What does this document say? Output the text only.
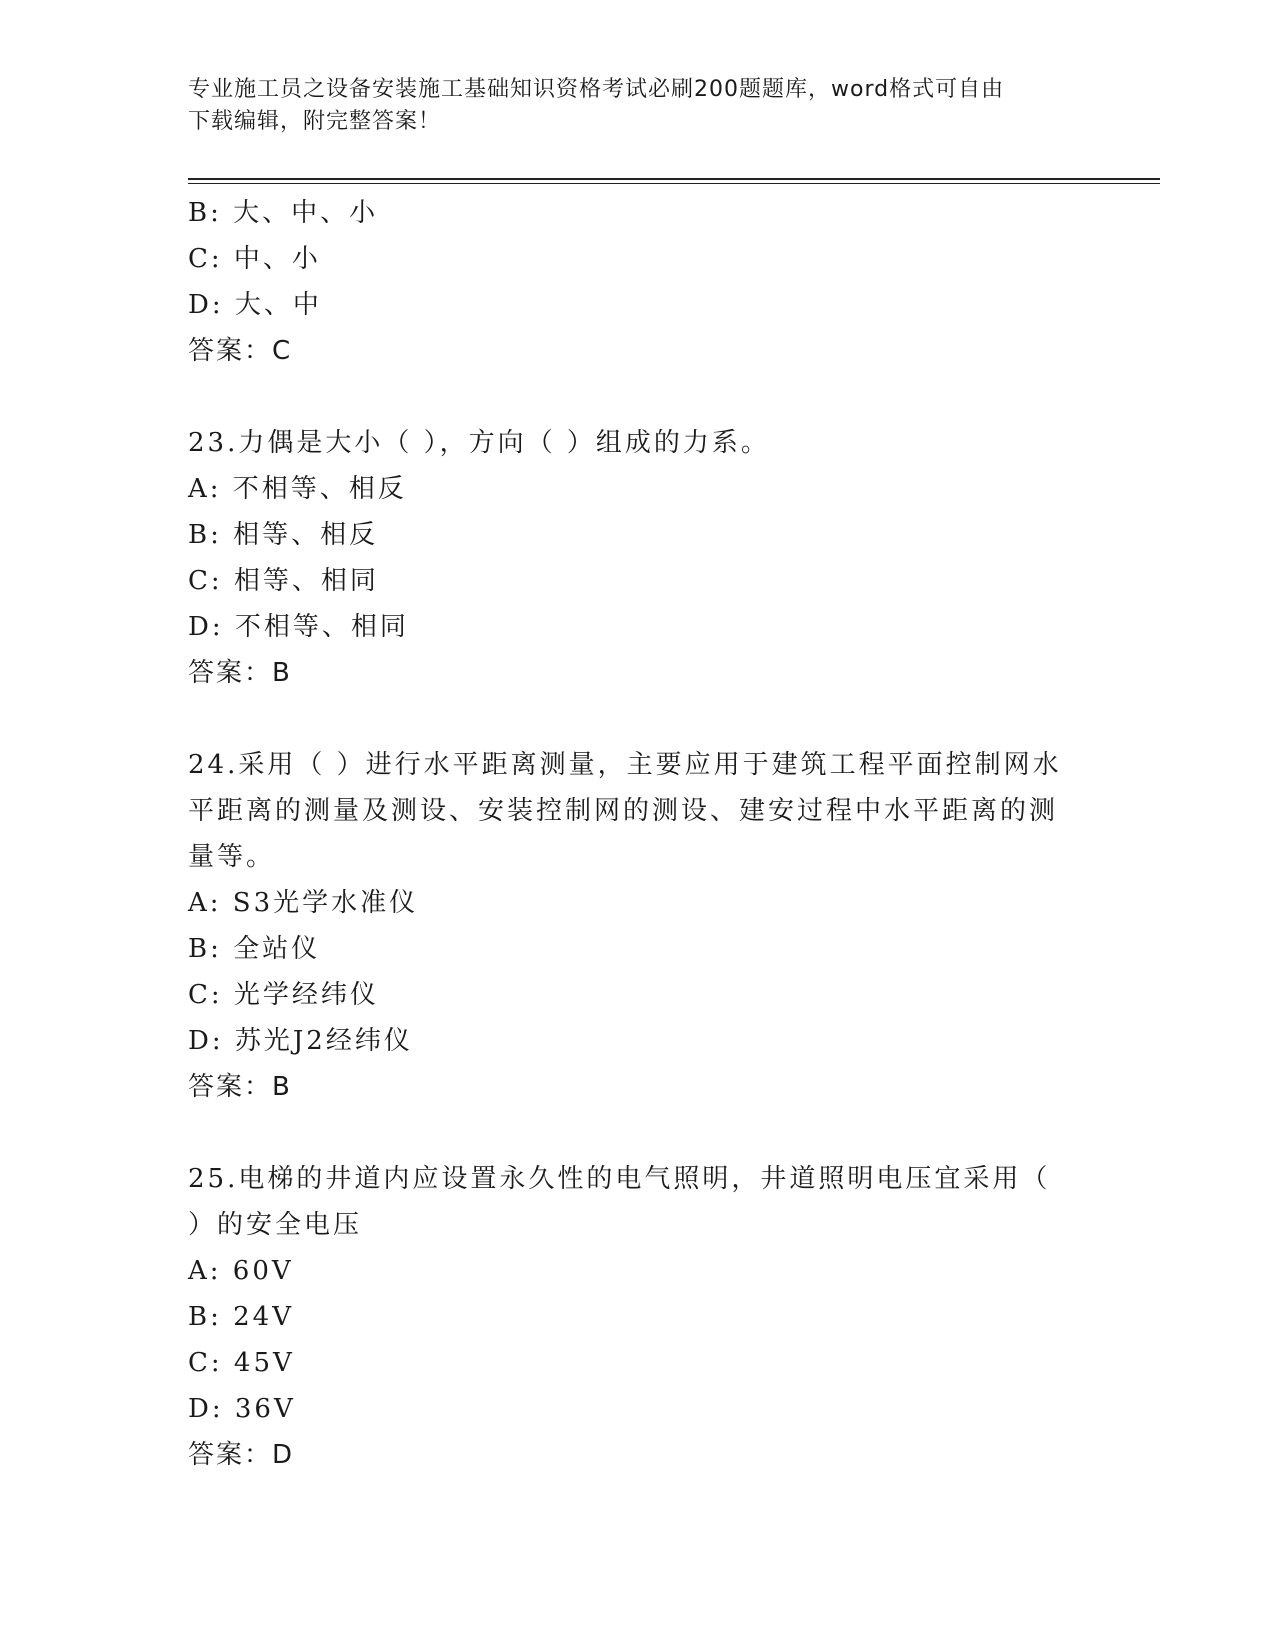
专业施工员之设备安装施工基础知识资格考试必刷200题题库，word格式可自由
下载编辑，附完整答案！
B: 大、中、小
C: 中、小
D: 大、中
答案：C
23.力偶是大小（ ），方向（ ）组成的力系。
A: 不相等、相反
B: 相等、相反
C: 相等、相同
D: 不相等、相同
答案：B
24.采用（ ）进行水平距离测量，主要应用于建筑工程平面控制网水
平距离的测量及测设、安装控制网的测设、建安过程中水平距离的测
量等。
A: S3光学水准仪
B: 全站仪
C: 光学经纬仪
D: 苏光J2经纬仪
答案：B
25.电梯的井道内应设置永久性的电气照明，井道照明电压宜采用（
）的安全电压
A: 60V
B: 24V
C: 45V
D: 36V
答案：D
